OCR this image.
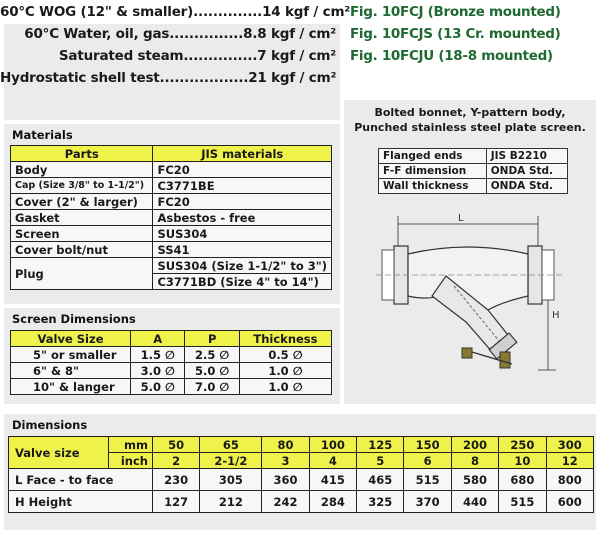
60°C WOG (12" & smaller)..............14 kgf / cm²
60°C Water, oil, gas...............8.8 kgf / cm²
Saturated steam...............7 kgf / cm²
Hydrostatic shell test..................21 kgf / cm²
Fig. 10FCJ (Bronze mounted)
Fig. 10FCJS (13 Cr. mounted)
Fig. 10FCJU (18-8 mounted)
Materials
Parts	JIS materials
Body	FC20
Cap (Size 3/8" to 1-1/2")	C3771BE
Cover (2" & larger)	FC20
Gasket	Asbestos - free
Screen	SUS304
Cover bolt/nut	SS41
Plug	SUS304 (Size 1-1/2" to 3")
	C3771BD (Size 4" to 14")
Screen Dimensions
Valve Size	A	P	Thickness
5" or smaller	1.5 ∅	2.5 ∅	0.5 ∅
6" & 8"	3.0 ∅	5.0 ∅	1.0 ∅
10" & langer	5.0 ∅	7.0 ∅	1.0 ∅
Bolted bonnet, Y-pattern body,
Punched stainless steel plate screen.
Flanged ends	JIS B2210
F-F dimension	ONDA Std.
Wall thickness	ONDA Std.
L
H
Dimensions
Valve size	mm	50	65	80	100	125	150	200	250	300
	inch	2	2-1/2	3	4	5	6	8	10	12
L Face - to face		230	305	360	415	465	515	580	680	800
H Height		127	212	242	284	325	370	440	515	600
